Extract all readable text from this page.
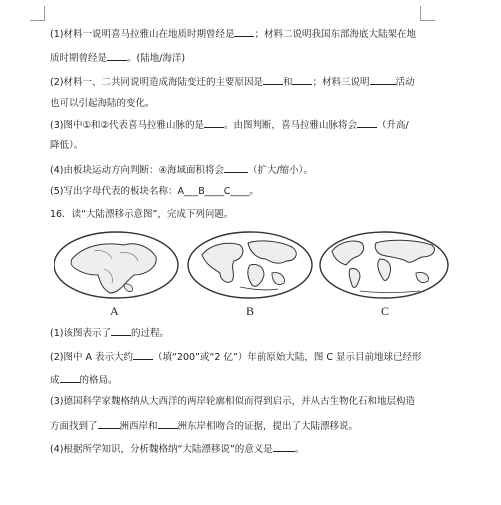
(1)材料一说明喜马拉雅山在地质时期曾经是 ；材料二说明我国东部海底大陆架在地
质时期曾经是 。(陆地/海洋)
(2)材料一、二共同说明造成海陆变迁的主要原因是 和 ；材料三说明	活动
也可以引起海陆的变化。
(3)图中①和②代表喜马拉雅山脉的是 。由图判断，喜马拉雅山脉将会 （升高/
降低）。
(4)由板块运动方向判断：④海域面积将会	（扩大/缩小）。
(5)写出字母代表的板块名称：A___B____C____。
16．读“大陆漂移示意图”，完成下列问题。
A	B	C
(1)该图表示了 的过程。
(2)图中 A 表示大约 （填“200”或“2 亿”）年前原始大陆，图 C 显示目前地球已经形
成 的格局。
(3)德国科学家魏格纳从大西洋的两岸轮廓相似而得到启示，并从古生物化石和地层构造
方面找到了 洲西岸和 洲东岸相吻合的证据，提出了大陆漂移说。
(4)根据所学知识，分析魏格纳“大陆漂移说”的意义是 。
